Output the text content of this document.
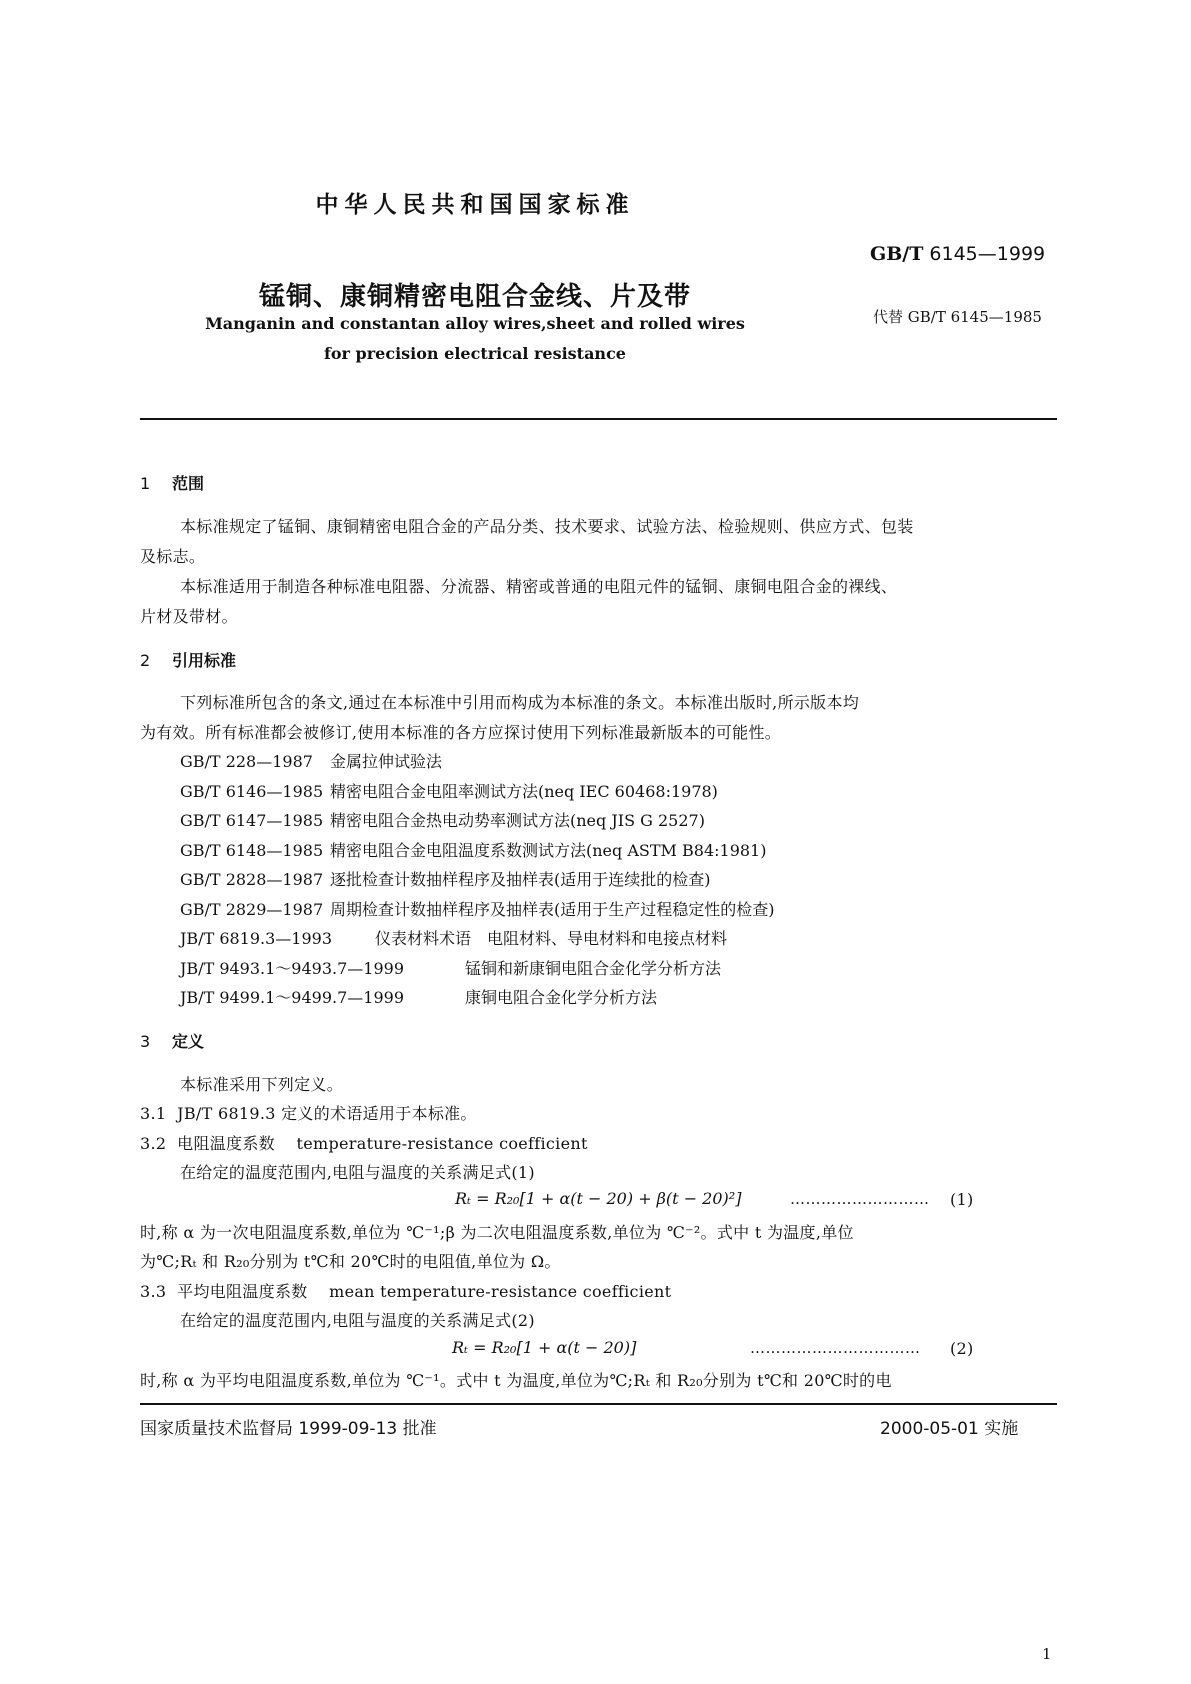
中华人民共和国国家标准
GB/T 6145—1999
锰铜、康铜精密电阻合金线、片及带
代替 GB/T 6145—1985
Manganin and constantan alloy wires,sheet and rolled wires
for precision electrical resistance
1 范围
本标准规定了锰铜、康铜精密电阻合金的产品分类、技术要求、试验方法、检验规则、供应方式、包装
及标志。
本标准适用于制造各种标准电阻器、分流器、精密或普通的电阻元件的锰铜、康铜电阻合金的裸线、
片材及带材。
2 引用标准
下列标准所包含的条文,通过在本标准中引用而构成为本标准的条文。本标准出版时,所示版本均
为有效。所有标准都会被修订,使用本标准的各方应探讨使用下列标准最新版本的可能性。
GB/T 228—1987 金属拉伸试验法
GB/T 6146—1985 精密电阻合金电阻率测试方法(neq IEC 60468:1978)
GB/T 6147—1985 精密电阻合金热电动势率测试方法(neq JIS G 2527)
GB/T 6148—1985 精密电阻合金电阻温度系数测试方法(neq ASTM B84:1981)
GB/T 2828—1987 逐批检查计数抽样程序及抽样表(适用于连续批的检查)
GB/T 2829—1987 周期检查计数抽样程序及抽样表(适用于生产过程稳定性的检查)
JB/T 6819.3—1993	仪表材料术语　电阻材料、导电材料和电接点材料
JB/T 9493.1～9493.7—1999	锰铜和新康铜电阻合金化学分析方法
JB/T 9499.1～9499.7—1999	康铜电阻合金化学分析方法
3 定义
本标准采用下列定义。
3.1 JB/T 6819.3 定义的术语适用于本标准。
3.2 电阻温度系数 temperature-resistance coefficient
在给定的温度范围内,电阻与温度的关系满足式(1)
Rₜ = R₂₀[1 + α(t − 20) + β(t − 20)²]	……………………… (1)
时,称 α 为一次电阻温度系数,单位为 ℃⁻¹;β 为二次电阻温度系数,单位为 ℃⁻²。式中 t 为温度,单位
为℃;Rₜ 和 R₂₀分别为 t℃和 20℃时的电阻值,单位为 Ω。
3.3 平均电阻温度系数 mean temperature-resistance coefficient
在给定的温度范围内,电阻与温度的关系满足式(2)
Rₜ = R₂₀[1 + α(t − 20)]	…………………………… (2)
时,称 α 为平均电阻温度系数,单位为 ℃⁻¹。式中 t 为温度,单位为℃;Rₜ 和 R₂₀分别为 t℃和 20℃时的电
国家质量技术监督局 1999-09-13 批准	2000-05-01 实施
1
